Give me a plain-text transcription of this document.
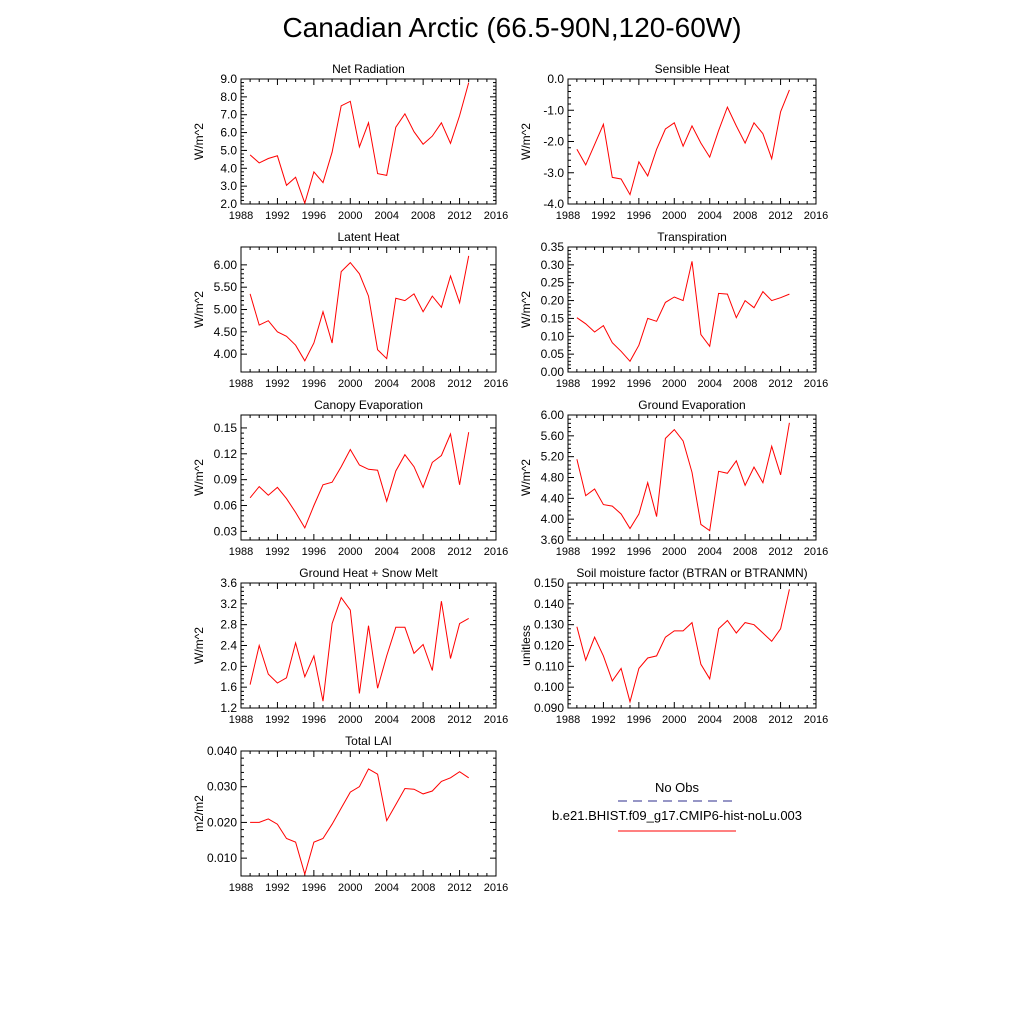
Canadian Arctic (66.5-90N,120-60W)
Net Radiation
W/m^2
1988 1992 1996 2000 2004 2008 2012 2016
2.0
3.0
4.0
5.0
6.0
7.0
8.0
9.0
Sensible Heat
W/m^2
1988 1992 1996 2000 2004 2008 2012 2016
-4.0
-3.0
-2.0
-1.0
0.0
Latent Heat
W/m^2
1988 1992 1996 2000 2004 2008 2012 2016
4.00
4.50
5.00
5.50
6.00
Transpiration
W/m^2
1988 1992 1996 2000 2004 2008 2012 2016
0.00
0.05
0.10
0.15
0.20
0.25
0.30
0.35
Canopy Evaporation
W/m^2
1988 1992 1996 2000 2004 2008 2012 2016
0.03
0.06
0.09
0.12
0.15
Ground Evaporation
W/m^2
1988 1992 1996 2000 2004 2008 2012 2016
3.60
4.00
4.40
4.80
5.20
5.60
6.00
Ground Heat + Snow Melt
W/m^2
1988 1992 1996 2000 2004 2008 2012 2016
1.2
1.6
2.0
2.4
2.8
3.2
3.6
Soil moisture factor (BTRAN or BTRANMN)
unitless
1988 1992 1996 2000 2004 2008 2012 2016
0.090
0.100
0.110
0.120
0.130
0.140
0.150
Total LAI
m2/m2
1988 1992 1996 2000 2004 2008 2012 2016
0.010
0.020
0.030
0.040
No Obs
b.e21.BHIST.f09_g17.CMIP6-hist-noLu.003
